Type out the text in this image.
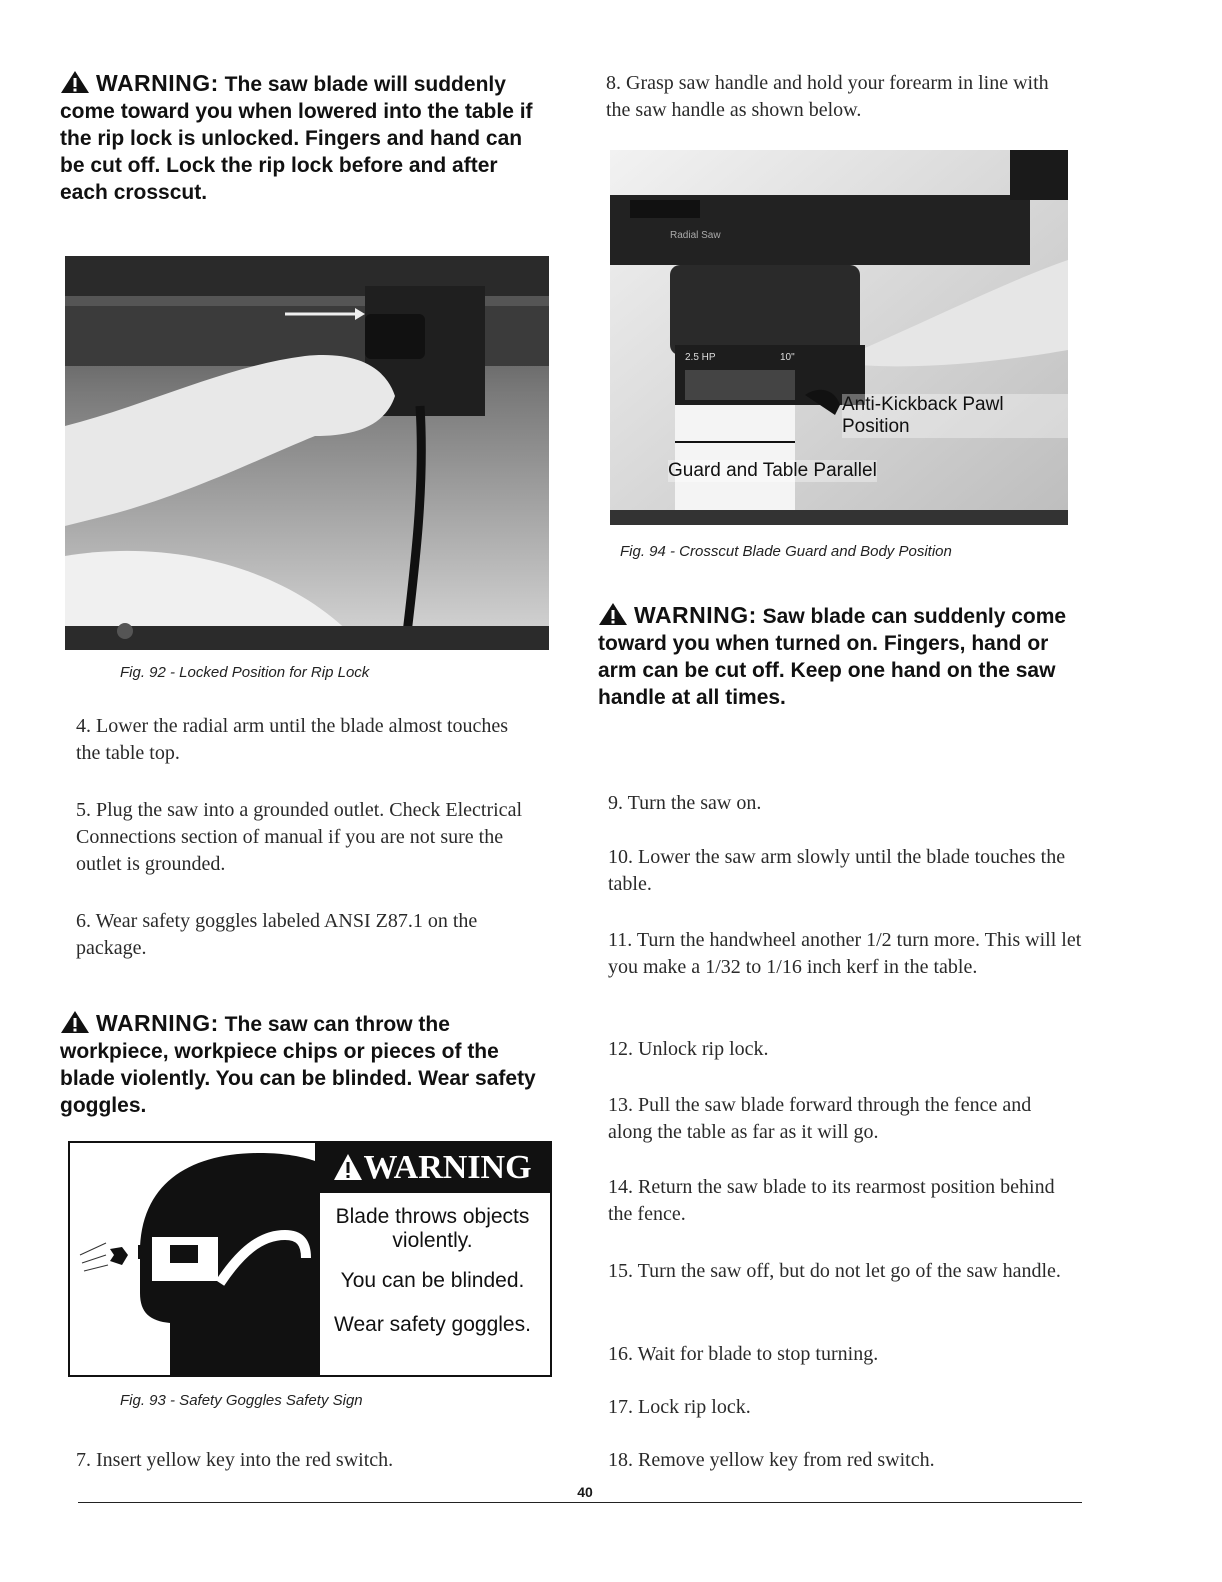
WARNING: The saw blade will suddenly come toward you when lowered into the table if the rip lock is unlocked. Fingers and hand can be cut off. Lock the rip lock before and after each crosscut.
Fig. 92 - Locked Position for Rip Lock
4. Lower the radial arm until the blade almost touches the table top.
5. Plug the saw into a grounded outlet. Check Electrical Connections section of manual if you are not sure the outlet is grounded.
6. Wear safety goggles labeled ANSI Z87.1 on the package.
WARNING: The saw can throw the workpiece, workpiece chips or pieces of the blade violently. You can be blinded. Wear safety goggles.
WARNING
Blade throws objects violently.
You can be blinded.
Wear safety goggles.
Fig. 93 - Safety Goggles Safety Sign
7. Insert yellow key into the red switch.
8. Grasp saw handle and hold your forearm in line with the saw handle as shown below.
Radial Saw
2.5 HP	10"
Anti-Kickback Pawl Position
Guard and Table Parallel
Fig. 94 - Crosscut Blade Guard and Body Position
WARNING: Saw blade can suddenly come toward you when turned on. Fingers, hand or arm can be cut off. Keep one hand on the saw handle at all times.
9. Turn the saw on.
10. Lower the saw arm slowly until the blade touches the table.
11. Turn the handwheel another 1/2 turn more. This will let you make a 1/32 to 1/16 inch kerf in the table.
12. Unlock rip lock.
13. Pull the saw blade forward through the fence and along the table as far as it will go.
14. Return the saw blade to its rearmost position behind the fence.
15. Turn the saw off, but do not let go of the saw handle.
16. Wait for blade to stop turning.
17. Lock rip lock.
18. Remove yellow key from red switch.
40
